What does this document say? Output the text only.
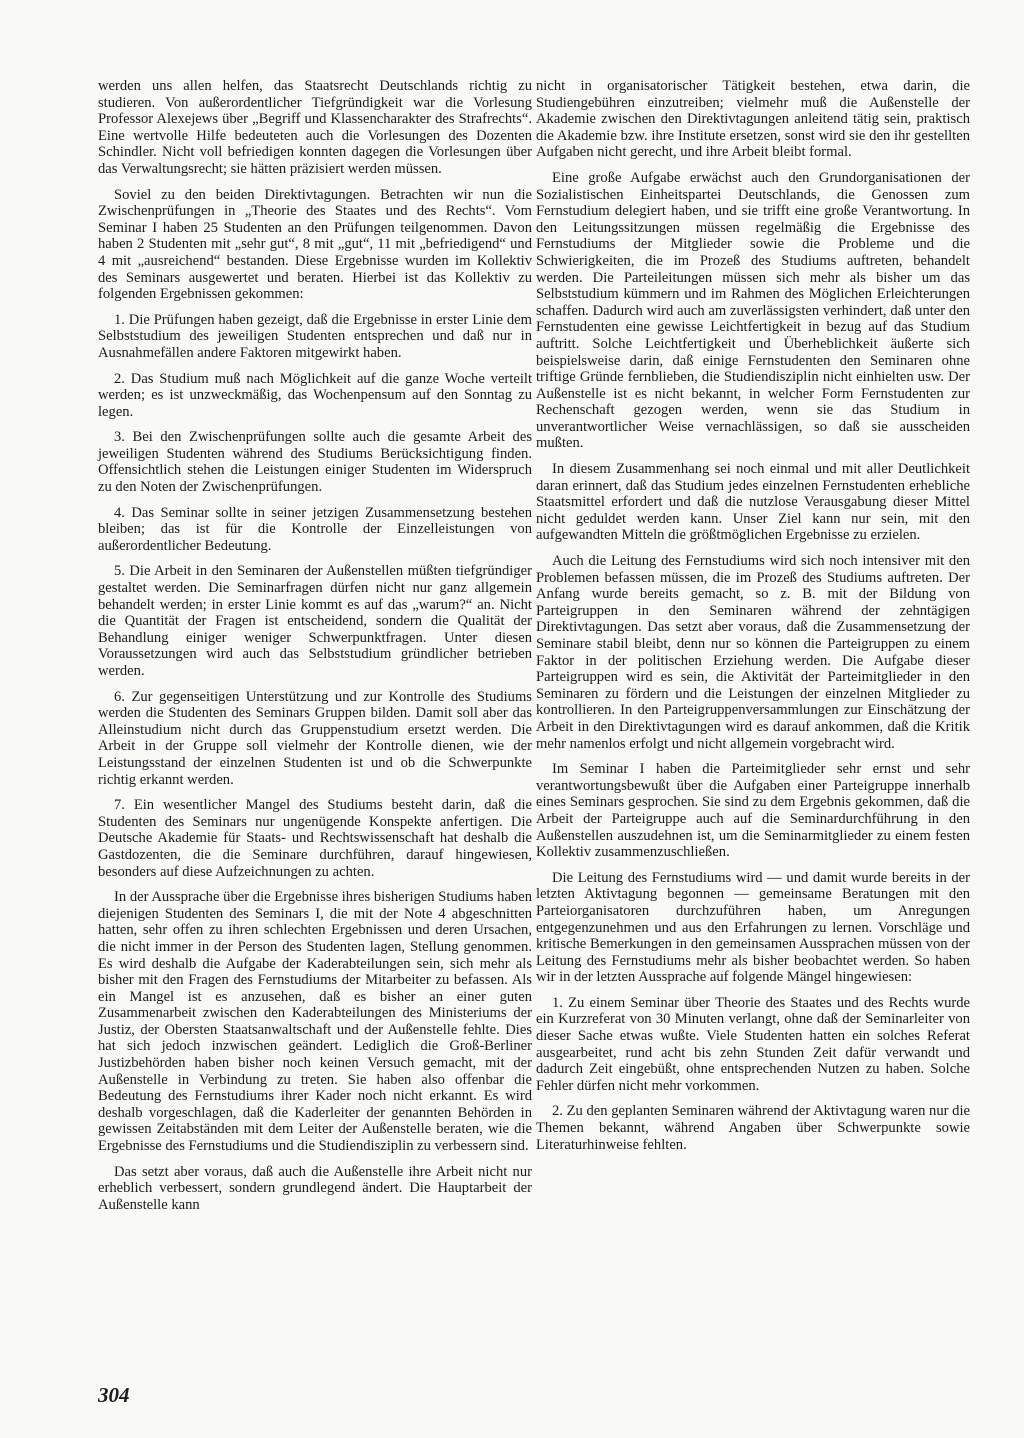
werden uns allen helfen, das Staatsrecht Deutschlands richtig zu studieren. Von außerordentlicher Tiefgründigkeit war die Vorlesung Professor Alexejews über „Begriff und Klassencharakter des Strafrechts“. Eine wertvolle Hilfe bedeuteten auch die Vorlesungen des Dozenten Schindler. Nicht voll befriedigen konnten dagegen die Vorlesungen über das Verwaltungsrecht; sie hätten präzisiert werden müssen.

Soviel zu den beiden Direktivtagungen. Betrachten wir nun die Zwischenprüfungen in „Theorie des Staates und des Rechts“. Vom Seminar I haben 25 Studenten an den Prüfungen teilgenommen. Davon haben 2 Studenten mit „sehr gut“, 8 mit „gut“, 11 mit „befriedigend“ und 4 mit „ausreichend“ bestanden. Diese Ergebnisse wurden im Kollektiv des Seminars ausgewertet und beraten. Hierbei ist das Kollektiv zu folgenden Ergebnissen gekommen:

1. Die Prüfungen haben gezeigt, daß die Ergebnisse in erster Linie dem Selbststudium des jeweiligen Studenten entsprechen und daß nur in Ausnahmefällen andere Faktoren mitgewirkt haben.

2. Das Studium muß nach Möglichkeit auf die ganze Woche verteilt werden; es ist unzweckmäßig, das Wochenpensum auf den Sonntag zu legen.

3. Bei den Zwischenprüfungen sollte auch die gesamte Arbeit des jeweiligen Studenten während des Studiums Berücksichtigung finden. Offensichtlich stehen die Leistungen einiger Studenten im Widerspruch zu den Noten der Zwischenprüfungen.

4. Das Seminar sollte in seiner jetzigen Zusammensetzung bestehen bleiben; das ist für die Kontrolle der Einzelleistungen von außerordentlicher Bedeutung.

5. Die Arbeit in den Seminaren der Außenstellen müßten tiefgründiger gestaltet werden. Die Seminarfragen dürfen nicht nur ganz allgemein behandelt werden; in erster Linie kommt es auf das „warum?“ an. Nicht die Quantität der Fragen ist entscheidend, sondern die Qualität der Behandlung einiger weniger Schwerpunktfragen. Unter diesen Voraussetzungen wird auch das Selbststudium gründlicher betrieben werden.

6. Zur gegenseitigen Unterstützung und zur Kontrolle des Studiums werden die Studenten des Seminars Gruppen bilden. Damit soll aber das Alleinstudium nicht durch das Gruppenstudium ersetzt werden. Die Arbeit in der Gruppe soll vielmehr der Kontrolle dienen, wie der Leistungsstand der einzelnen Studenten ist und ob die Schwerpunkte richtig erkannt werden.

7. Ein wesentlicher Mangel des Studiums besteht darin, daß die Studenten des Seminars nur ungenügende Konspekte anfertigen. Die Deutsche Akademie für Staats- und Rechtswissenschaft hat deshalb die Gastdozenten, die die Seminare durchführen, darauf hingewiesen, besonders auf diese Aufzeichnungen zu achten.

In der Aussprache über die Ergebnisse ihres bisherigen Studiums haben diejenigen Studenten des Seminars I, die mit der Note 4 abgeschnitten hatten, sehr offen zu ihren schlechten Ergebnissen und deren Ursachen, die nicht immer in der Person des Studenten lagen, Stellung genommen. Es wird deshalb die Aufgabe der Kaderabteilungen sein, sich mehr als bisher mit den Fragen des Fernstudiums der Mitarbeiter zu befassen. Als ein Mangel ist es anzusehen, daß es bisher an einer guten Zusammenarbeit zwischen den Kaderabteilungen des Ministeriums der Justiz, der Obersten Staatsanwaltschaft und der Außenstelle fehlte. Dies hat sich jedoch inzwischen geändert. Lediglich die Groß-Berliner Justizbehörden haben bisher noch keinen Versuch gemacht, mit der Außenstelle in Verbindung zu treten. Sie haben also offenbar die Bedeutung des Fernstudiums ihrer Kader noch nicht erkannt. Es wird deshalb vorgeschlagen, daß die Kaderleiter der genannten Behörden in gewissen Zeitabständen mit dem Leiter der Außenstelle beraten, wie die Ergebnisse des Fernstudiums und die Studiendisziplin zu verbessern sind.

Das setzt aber voraus, daß auch die Außenstelle ihre Arbeit nicht nur erheblich verbessert, sondern grundlegend ändert. Die Hauptarbeit der Außenstelle kann

nicht in organisatorischer Tätigkeit bestehen, etwa darin, die Studiengebühren einzutreiben; vielmehr muß die Außenstelle der Akademie zwischen den Direktivtagungen anleitend tätig sein, praktisch die Akademie bzw. ihre Institute ersetzen, sonst wird sie den ihr gestellten Aufgaben nicht gerecht, und ihre Arbeit bleibt formal.

Eine große Aufgabe erwächst auch den Grundorganisationen der Sozialistischen Einheitspartei Deutschlands, die Genossen zum Fernstudium delegiert haben, und sie trifft eine große Verantwortung. In den Leitungssitzungen müssen regelmäßig die Ergebnisse des Fernstudiums der Mitglieder sowie die Probleme und die Schwierigkeiten, die im Prozeß des Studiums auftreten, behandelt werden. Die Parteileitungen müssen sich mehr als bisher um das Selbststudium kümmern und im Rahmen des Möglichen Erleichterungen schaffen. Dadurch wird auch am zuverlässigsten verhindert, daß unter den Fernstudenten eine gewisse Leichtfertigkeit in bezug auf das Studium auftritt. Solche Leichtfertigkeit und Überheblichkeit äußerte sich beispielsweise darin, daß einige Fernstudenten den Seminaren ohne triftige Gründe fernblieben, die Studiendisziplin nicht einhielten usw. Der Außenstelle ist es nicht bekannt, in welcher Form Fernstudenten zur Rechenschaft gezogen werden, wenn sie das Studium in unverantwortlicher Weise vernachlässigen, so daß sie ausscheiden mußten.

In diesem Zusammenhang sei noch einmal und mit aller Deutlichkeit daran erinnert, daß das Studium jedes einzelnen Fernstudenten erhebliche Staatsmittel erfordert und daß die nutzlose Verausgabung dieser Mittel nicht geduldet werden kann. Unser Ziel kann nur sein, mit den aufgewandten Mitteln die größtmöglichen Ergebnisse zu erzielen.

Auch die Leitung des Fernstudiums wird sich noch intensiver mit den Problemen befassen müssen, die im Prozeß des Studiums auftreten. Der Anfang wurde bereits gemacht, so z. B. mit der Bildung von Parteigruppen in den Seminaren während der zehntägigen Direktivtagungen. Das setzt aber voraus, daß die Zusammensetzung der Seminare stabil bleibt, denn nur so können die Parteigruppen zu einem Faktor in der politischen Erziehung werden. Die Aufgabe dieser Parteigruppen wird es sein, die Aktivität der Parteimitglieder in den Seminaren zu fördern und die Leistungen der einzelnen Mitglieder zu kontrollieren. In den Parteigruppenversammlungen zur Einschätzung der Arbeit in den Direktivtagungen wird es darauf ankommen, daß die Kritik mehr namenlos erfolgt und nicht allgemein vorgebracht wird.

Im Seminar I haben die Parteimitglieder sehr ernst und sehr verantwortungsbewußt über die Aufgaben einer Parteigruppe innerhalb eines Seminars gesprochen. Sie sind zu dem Ergebnis gekommen, daß die Arbeit der Parteigruppe auch auf die Seminardurchführung in den Außenstellen auszudehnen ist, um die Seminarmitglieder zu einem festen Kollektiv zusammenzuschließen.

Die Leitung des Fernstudiums wird — und damit wurde bereits in der letzten Aktivtagung begonnen — gemeinsame Beratungen mit den Parteiorganisatoren durchzuführen haben, um Anregungen entgegenzunehmen und aus den Erfahrungen zu lernen. Vorschläge und kritische Bemerkungen in den gemeinsamen Aussprachen müssen von der Leitung des Fernstudiums mehr als bisher beobachtet werden. So haben wir in der letzten Aussprache auf folgende Mängel hingewiesen:

1. Zu einem Seminar über Theorie des Staates und des Rechts wurde ein Kurzreferat von 30 Minuten verlangt, ohne daß der Seminarleiter von dieser Sache etwas wußte. Viele Studenten hatten ein solches Referat ausgearbeitet, rund acht bis zehn Stunden Zeit dafür verwandt und dadurch Zeit eingebüßt, ohne entsprechenden Nutzen zu haben. Solche Fehler dürfen nicht mehr vorkommen.

2. Zu den geplanten Seminaren während der Aktivtagung waren nur die Themen bekannt, während Angaben über Schwerpunkte sowie Literaturhinweise fehlten.

304
